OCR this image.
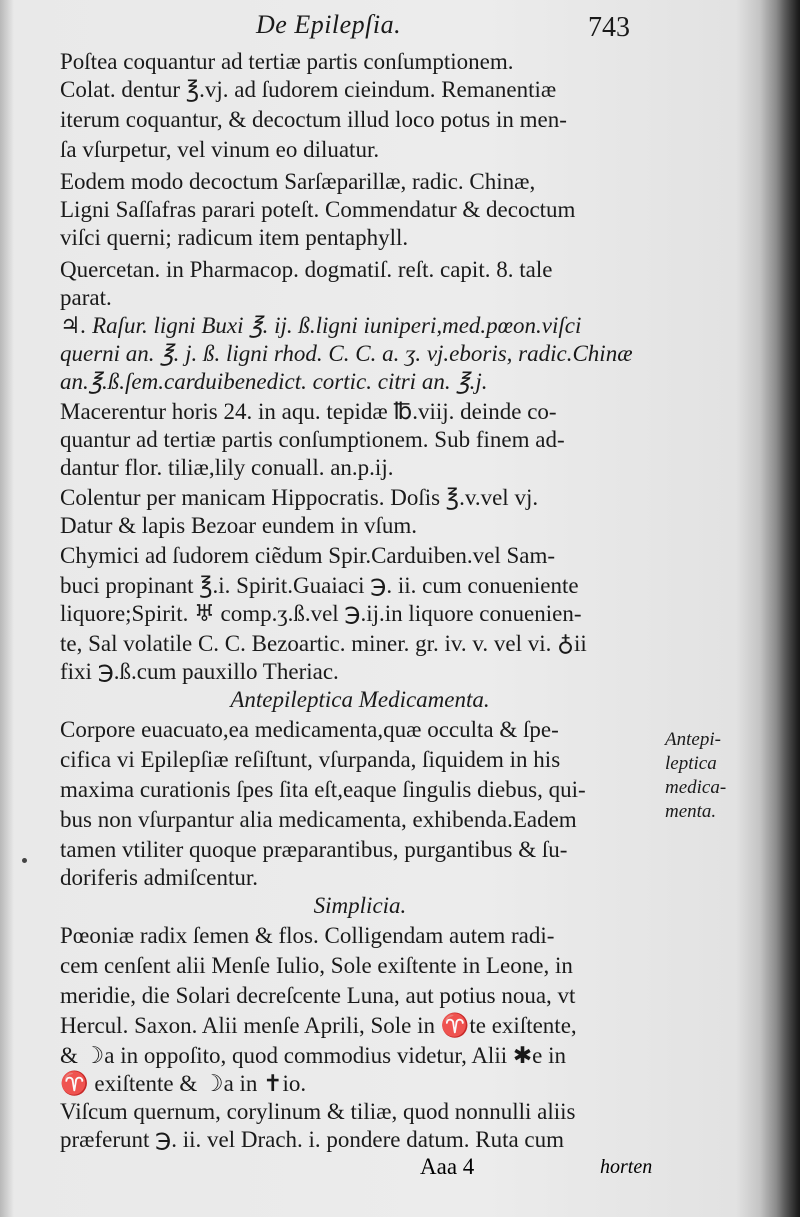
De Epilepſia.	743
Poſtea coquantur ad tertiæ partis conſumptionem.
Colat. dentur ℥.vj. ad ſudorem cieindum. Remanentiæ
iterum coquantur, & decoctum illud loco potus in men-
ſa vſurpetur, vel vinum eo diluatur.
Eodem modo decoctum Sarſæparillæ, radic. Chinæ,
Ligni Saſſafras parari poteſt. Commendatur & decoctum
viſci querni; radicum item pentaphyll.
Quercetan. in Pharmacop. dogmatiſ. reſt. capit. 8. tale
parat.
♃. Raſur. ligni Buxi ℥. ij. ß.ligni iuniperi,med.pœon.viſci
querni an. ℥. j. ß. ligni rhod. C. C. a. ʒ. vj.eboris, radic.Chinæ
an.℥.ß.ſem.carduibenedict. cortic. citri an. ℥.j.
Macerentur horis 24. in aqu. tepidæ ℔.viij. deinde co-
quantur ad tertiæ partis conſumptionem. Sub finem ad-
dantur flor. tiliæ,lily conuall. an.p.ij.
Colentur per manicam Hippocratis. Doſis ℥.v.vel vj.
Datur & lapis Bezoar eundem in vſum.
Chymici ad ſudorem ciẽdum Spir.Carduiben.vel Sam-
buci propinant ℥.i. Spirit.Guaiaci ℈. ii. cum conueniente
liquore;Spirit. ♅ comp.ʒ.ß.vel ℈.ij.in liquore conuenien-
te, Sal volatile C. C. Bezoartic. miner. gr. iv. v. vel vi. ♁ii
fixi ℈.ß.cum pauxillo Theriac.
Antepileptica Medicamenta.
Corpore euacuato,ea medicamenta,quæ occulta & ſpe-
cifica vi Epilepſiæ reſiſtunt, vſurpanda, ſiquidem in his
maxima curationis ſpes ſita eſt,eaque ſingulis diebus, qui-
bus non vſurpantur alia medicamenta, exhibenda.Eadem
tamen vtiliter quoque præparantibus, purgantibus & ſu-
doriferis admiſcentur.
Simplicia.
Pœoniæ radix ſemen & flos. Colligendam autem radi-
cem cenſent alii Menſe Iulio, Sole exiſtente in Leone, in
meridie, die Solari decreſcente Luna, aut potius noua, vt
Hercul. Saxon. Alii menſe Aprili, Sole in ♈te exiſtente,
& ☽a in oppoſito, quod commodius videtur, Alii ✱e in
♈ exiſtente & ☽a in ✝io.
Viſcum quernum, corylinum & tiliæ, quod nonnulli aliis
præferunt ℈. ii. vel Drach. i. pondere datum. Ruta cum
Antepi-
leptica
medica-
menta.
Aaa 4	horten
